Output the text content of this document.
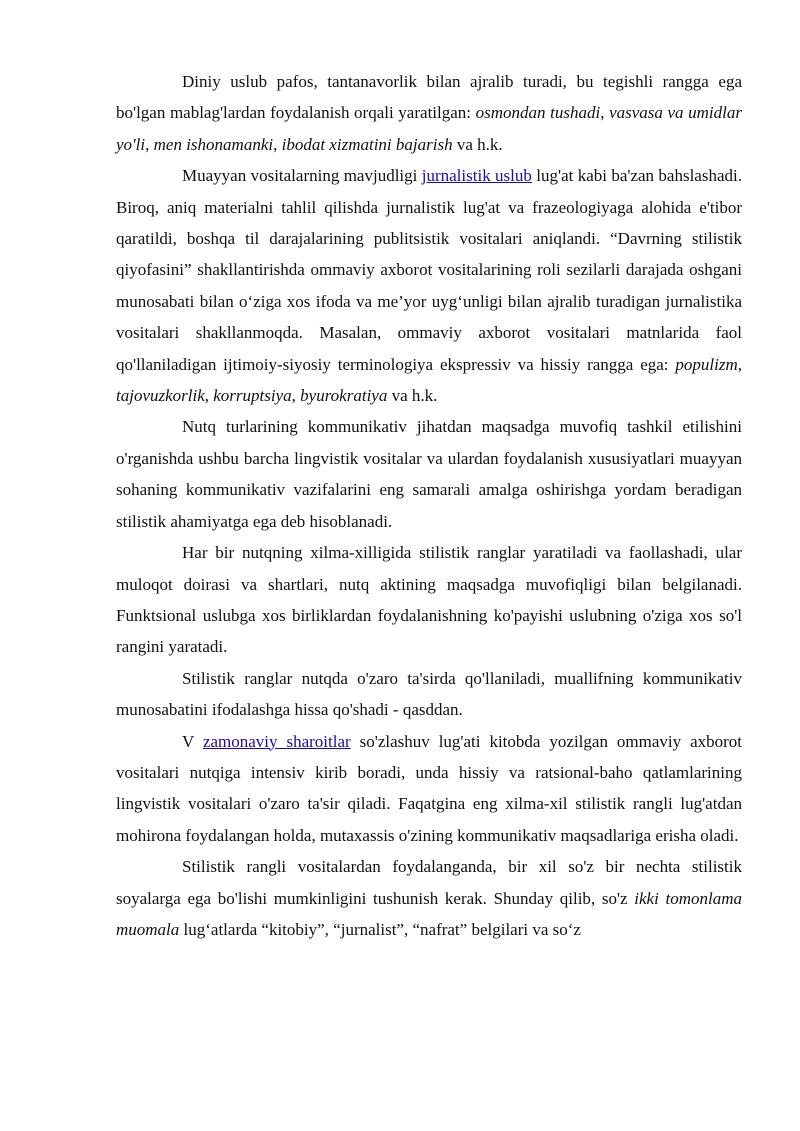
Diniy uslub pafos, tantanavorlik bilan ajralib turadi, bu tegishli rangga ega bo'lgan mablag'lardan foydalanish orqali yaratilgan: osmondan tushadi, vasvasa va umidlar yo'li, men ishonamanki, ibodat xizmatini bajarish va h.k.

Muayyan vositalarning mavjudligi jurnalistik uslub lug'at kabi ba'zan bahslashadi. Biroq, aniq materialni tahlil qilishda jurnalistik lug'at va frazeologiyaga alohida e'tibor qaratildi, boshqa til darajalarining publitsistik vositalari aniqlandi. “Davrning stilistik qiyofasini” shakllantirishda ommaviy axborot vositalarining roli sezilarli darajada oshgani munosabati bilan o‘ziga xos ifoda va me’yor uyg‘unligi bilan ajralib turadigan jurnalistika vositalari shakllanmoqda. Masalan, ommaviy axborot vositalari matnlarida faol qo'llaniladigan ijtimoiy-siyosiy terminologiya ekspressiv va hissiy rangga ega: populizm, tajovuzkorlik, korruptsiya, byurokratiya va h.k.

Nutq turlarining kommunikativ jihatdan maqsadga muvofiq tashkil etilishini o'rganishda ushbu barcha lingvistik vositalar va ulardan foydalanish xususiyatlari muayyan sohaning kommunikativ vazifalarini eng samarali amalga oshirishga yordam beradigan stilistik ahamiyatga ega deb hisoblanadi.

Har bir nutqning xilma-xilligida stilistik ranglar yaratiladi va faollashadi, ular muloqot doirasi va shartlari, nutq aktining maqsadga muvofiqligi bilan belgilanadi. Funktsional uslubga xos birliklardan foydalanishning ko'payishi uslubning o'ziga xos so'l rangini yaratadi.

Stilistik ranglar nutqda o'zaro ta'sirda qo'llaniladi, muallifning kommunikativ munosabatini ifodalashga hissa qo'shadi - qasddan.

V zamonaviy sharoitlar so'zlashuv lug'ati kitobda yozilgan ommaviy axborot vositalari nutqiga intensiv kirib boradi, unda hissiy va ratsional-baho qatlamlarining lingvistik vositalari o'zaro ta'sir qiladi. Faqatgina eng xilma-xil stilistik rangli lug'atdan mohirona foydalangan holda, mutaxassis o'zining kommunikativ maqsadlariga erisha oladi.

Stilistik rangli vositalardan foydalanganda, bir xil so'z bir nechta stilistik soyalarga ega bo'lishi mumkinligini tushunish kerak. Shunday qilib, so'z ikki tomonlama muomala lug‘atlarda “kitobiy”, “jurnalist”, “nafrat” belgilari va so‘z
